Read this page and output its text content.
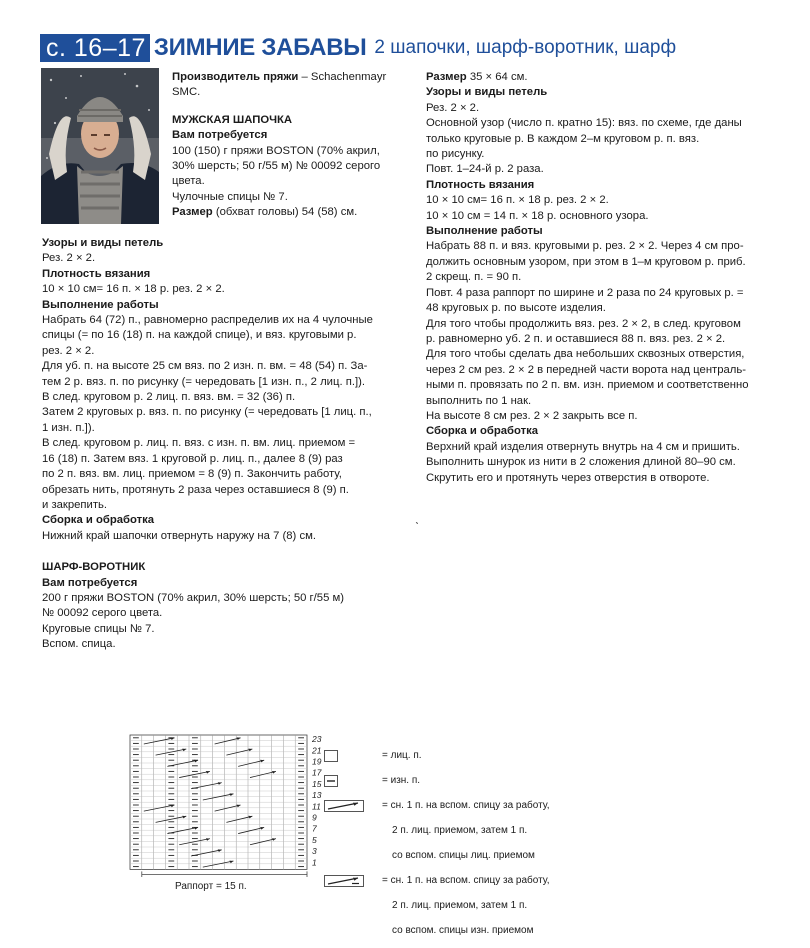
с. 16–17 ЗИМНИЕ ЗАБАВЫ 2 шапочки, шарф-воротник, шарф

Производитель пряжи – Schachenmayr

SMC.

МУЖСКАЯ ШАПОЧКА

Вам потребуется

100 (150) г пряжи BOSTON (70% акрил,

30% шерсть; 50 г/55 м) № 00092 серого

цвета.

Чулочные спицы № 7.

Размер (обхват головы) 54 (58) см.

Узоры и виды петель

Рез. 2 × 2.

Плотность вязания

10 × 10 см= 16 п. × 18 р. рез. 2 × 2.

Выполнение работы

Набрать 64 (72) п., равномерно распределив их на 4 чулочные

спицы (= по 16 (18) п. на каждой спице), и вяз. круговыми р.

рез. 2 × 2.

Для уб. п. на высоте 25 см вяз. по 2 изн. п. вм. = 48 (54) п. За-

тем 2 р. вяз. п. по рисунку (= чередовать [1 изн. п., 2 лиц. п.]).

В след. круговом р. 2 лиц. п. вяз. вм. = 32 (36) п.

Затем 2 круговых р. вяз. п. по рисунку (= чередовать [1 лиц. п.,

1 изн. п.]).

В след. круговом р. лиц. п. вяз. с изн. п. вм. лиц. приемом =

16 (18) п. Затем вяз. 1 круговой р. лиц. п., далее 8 (9) раз

по 2 п. вяз. вм. лиц. приемом = 8 (9) п. Закончить работу,

обрезать нить, протянуть 2 раза через оставшиеся 8 (9) п.

и закрепить.

Сборка и обработка

Нижний край шапочки отвернуть наружу на 7 (8) см.

ШАРФ-ВОРОТНИК

Вам потребуется

200 г пряжи BOSTON (70% акрил, 30% шерсть; 50 г/55 м)

№ 00092 серого цвета.

Круговые спицы № 7.

Вспом. спица.

Размер 35 × 64 см.

Узоры и виды петель

Рез. 2 × 2.

Основной узор (число п. кратно 15): вяз. по схеме, где даны

только круговые р. В каждом 2–м круговом р. п. вяз.

по рисунку.

Повт. 1–24-й р. 2 раза.

Плотность вязания

10 × 10 см= 16 п. × 18 р. рез. 2 × 2.

10 × 10 см = 14 п. × 18 р. основного узора.

Выполнение работы

Набрать 88 п. и вяз. круговыми р. рез. 2 × 2. Через 4 см про-

должить основным узором, при этом в 1–м круговом р. приб.

2 скрещ. п. = 90 п.

Повт. 4 раза раппорт по ширине и 2 раза по 24 круговых р. =

48 круговых р. по высоте изделия.

Для того чтобы продолжить вяз. рез. 2 × 2, в след. круговом

р. равномерно уб. 2 п. и оставшиеся 88 п. вяз. рез. 2 × 2.

Для того чтобы сделать два небольших сквозных отверстия,

через 2 см рез. 2 × 2 в передней части ворота над централь-

ными п. провязать по 2 п. вм. изн. приемом и соответственно

выполнить по 1 нак.

На высоте 8 см рез. 2 × 2 закрыть все п.

Сборка и обработка

Верхний край изделия отвернуть внутрь на 4 см и пришить.

Выполнить шнурок из нити в 2 сложения длиной 80–90 см.

Скрутить его и протянуть через отверстия в отвороте.

ˋ
23
21
19
17
15
13
11
9
7
5
3
1
Раппорт = 15 п.

= лиц. п.

= изн. п.

= сн. 1 п. на вспом. спицу за работу,

2 п. лиц. приемом, затем 1 п.

со вспом. спицы лиц. приемом

= сн. 1 п. на вспом. спицу за работу,

2 п. лиц. приемом, затем 1 п.

со вспом. спицы изн. приемом
